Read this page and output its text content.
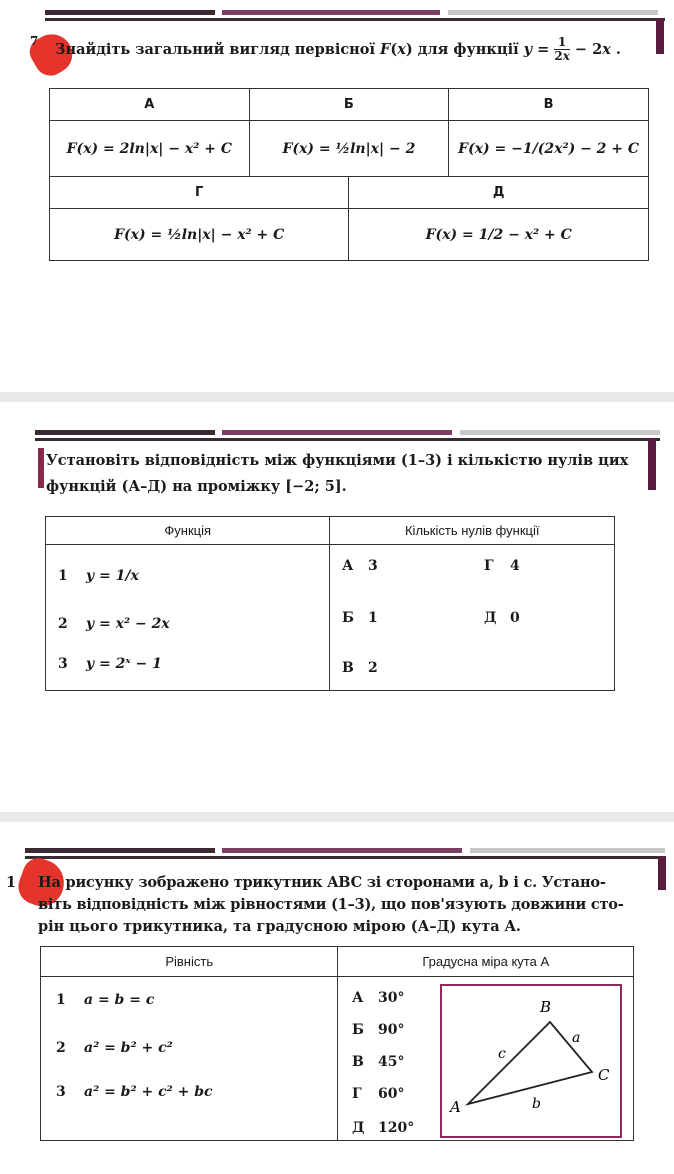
7 Знайдіть загальний вигляд первісної F(x) для функції y = 1

2x − 2x .
А	Б		В
F(x) = 2ln|x| − x² + C	F(x) = ½ln|x| − 2		F(x) = −1/(2x²) − 2 + C
Г		Д	
F(x) = ½ln|x| − x² + C		F(x) = 1/2 − x² + C	
Установіть відповідність між функціями (1–3) і кількістю нулів цих
функцій (А–Д) на проміжку [−2; 5].
Функція	Кількість нулів функції

1 y = 1/x
2 y = x² − 2x
3 y = 2ˣ − 1
А 3	Г 4
Б 1	Д 0
В 2
1 На рисунку зображено трикутник ABC зі сторонами a, b і c. Устано-
віть відповідність між рівностями (1–3), що пов'язують довжини сто-
рін цього трикутника, та градусною мірою (А–Д) кута A.
Рівність	Градусна міра кута A

1 a = b = c
2 a² = b² + c²
3 a² = b² + c² + bc
А 30°
Б 90°
В 45°
Г 60°
Д 120°
A
B
C
a
b
c
